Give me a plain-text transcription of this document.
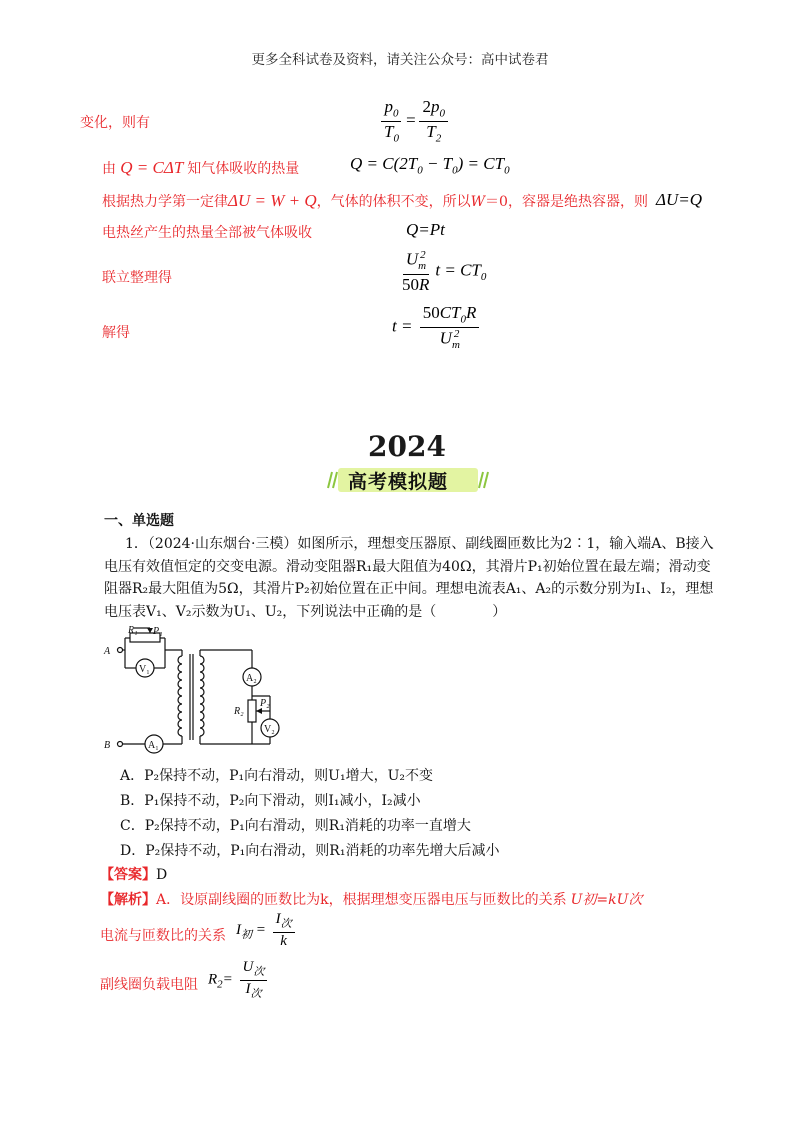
更多全科试卷及资料，请关注公众号：高中试卷君
变化，则有	$\frac{p_0}{T_0} = \frac{2p_0}{T_2}$
由 Q = CΔT 知气体吸收的热量	$Q = C(2T_0 - T_0) = CT_0$
根据热力学第一定律ΔU = W + Q，气体的体积不变，所以W＝0，容器是绝热容器，则 ΔU=Q
电热丝产生的热量全部被气体吸收	Q=Pt
联立整理得	$\frac{U_m^2}{50R}$ $t = CT_0$
解得	$t = \frac{50CT_0R}{U_m^2}$
2024
高考模拟题
一、单选题
1．（2024·山东烟台·三模）如图所示，理想变压器原、副线圈匝数比为2∶1，输入端A、B接入电压有效值恒定的交变电源。滑动变阻器R₁最大阻值为40Ω，其滑片P₁初始位置在最左端；滑动变阻器R₂最大阻值为5Ω，其滑片P₂初始位置在正中间。理想电流表A₁、A₂的示数分别为I₁、I₂，理想电压表V₁、V₂示数为U₁、U₂，下列说法中正确的是（　　　　）
A
B
R₁ P₁
V₁
A₁
A₂
R₂
P₂
V₂
A．P₂保持不动，P₁向右滑动，则U₁增大，U₂不变
B．P₁保持不动，P₂向下滑动，则I₁减小，I₂减小
C．P₂保持不动，P₁向右滑动，则R₁消耗的功率一直增大
D．P₂保持不动，P₁向右滑动，则R₁消耗的功率先增大后减小
【答案】D
【解析】A．设原副线圈的匝数比为k，根据理想变压器电压与匝数比的关系 U初=kU次
电流与匝数比的关系 $I_初 = \frac{I_次}{k}$
副线圈负载电阻 $R_2= \frac{U_次}{I_次}$
